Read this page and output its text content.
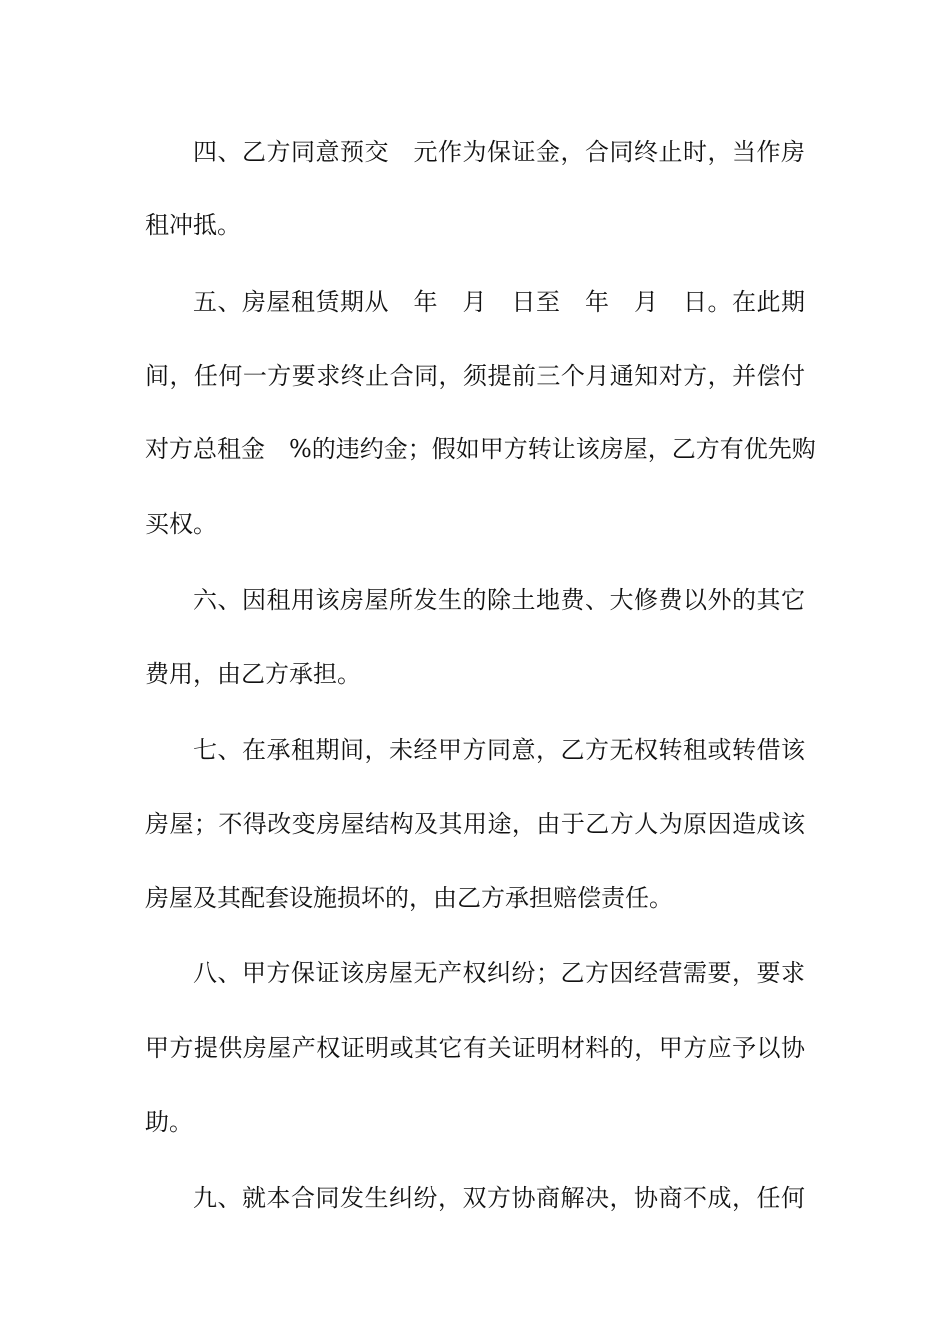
四、乙方同意预交　元作为保证金，合同终止时，当作房
租冲抵。
五、房屋租赁期从　年　月　日至　年　月　日。在此期
间，任何一方要求终止合同，须提前三个月通知对方，并偿付
对方总租金　%的违约金；假如甲方转让该房屋，乙方有优先购
买权。
六、因租用该房屋所发生的除土地费、大修费以外的其它
费用，由乙方承担。
七、在承租期间，未经甲方同意，乙方无权转租或转借该
房屋；不得改变房屋结构及其用途，由于乙方人为原因造成该
房屋及其配套设施损坏的，由乙方承担赔偿责任。
八、甲方保证该房屋无产权纠纷；乙方因经营需要，要求
甲方提供房屋产权证明或其它有关证明材料的，甲方应予以协
助。
九、就本合同发生纠纷，双方协商解决，协商不成，任何
